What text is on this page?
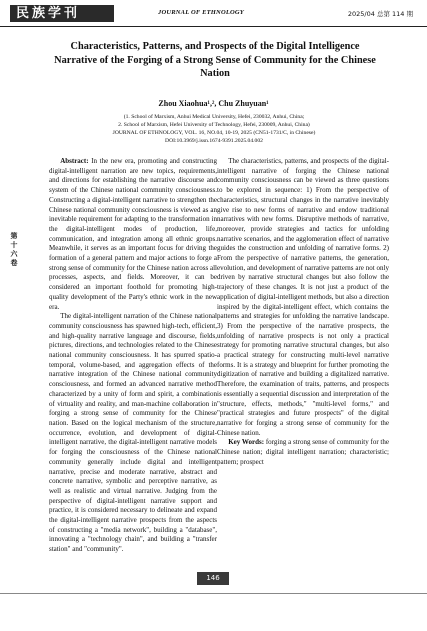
民族学刊	JOURNAL OF ETHNOLOGY	2025/04 总第 114 期
第十六卷
Characteristics, Patterns, and Prospects of the Digital Intelligence Narrative of the Forging of a Strong Sense of Community for the Chinese Nation
Zhou Xiaohua¹,², Chu Zhuyuan¹
(1. School of Marxism, Anhui Medical University, Hefei, 230032, Anhui, China;
2. School of Marxism, Hefei University of Technology, Hefei, 230009, Anhui, China)
JOURNAL OF ETHNOLOGY, VOL. 16, NO.04, 10-19, 2025 (CN51-1731/C, in Chinese)
DOI:10.3969/j.issn.1674-9391.2025.04.002

Abstract: In the new era, promoting and constructing digital-intelligent narration are new topics, requirements, and directions for establishing the narrative discourse and system of the Chinese national community consciousness. Constructing a digital-intelligent narrative to strengthen the Chinese national community consciousness is viewed as an inevitable requirement for adapting to the transformation in the digital-intelligent modes of production, life, communication, and integration among all ethnic groups. Meanwhile, it serves as an important focus for driving the formation of a general pattern and major actions to forge a strong sense of community for the Chinese nation across all processes, aspects, and fields. Moreover, it can be considered an important foothold for promoting high-quality development of the Party's ethnic work in the new era.

The digital-intelligent narration of the Chinese national community consciousness has spawned high-tech, efficient, and high-quality narrative language and discourse, fields, pictures, directions, and technologies related to the Chinese national community consciousness. It has spurred spatio-temporal, volume-based, and aggregation effects of the narrative integration of the Chinese national community consciousness, and formed an advanced narrative method characterized by a unity of form and spirit, a combination of virtuality and reality, and man-machine collaboration in forging a strong sense of community for the Chinese nation. Based on the logical mechanism of the structure, occurrence, evolution, and development of digital-intelligent narrative, the digital-intelligent narrative models for forging the consciousness of the Chinese national community generally include digital and intelligent narrative, precise and moderate narrative, abstract and concrete narrative, symbolic and perceptive narrative, as well as realistic and virtual narrative. Judging from the perspective of digital-intelligent narrative support and practice, it is considered necessary to delineate and expand the digital-intelligent narrative prospects from the aspects of constructing a "media network", building a "database", innovating a "technology chain", and building a "transfer station" and "community".

The characteristics, patterns, and prospects of the digital-intelligent narrative of forging the Chinese national community consciousness can be viewed as three questions to be explored in sequence: 1) From the perspective of characteristics, structural changes in the narrative inevitably give rise to new forms of narrative and endow traditional narratives with new forms. Disruptive methods of narrative, moreover, provide strategies and tactics for unfolding narrative scenarios, and the agglomeration effect of narrative guides the construction and unfolding of narrative forms. 2) From the perspective of narrative patterns, the generation, evolution, and development of narrative patterns are not only driven by narrative structural changes but also follow the trajectory of these changes. It is not just a product of the application of digital-intelligent methods, but also a direction inspired by the digital-intelligent effect, which contains the patterns and strategies for unfolding the narrative landscape. 3) From the perspective of the narrative prospects, the unfolding of narrative prospects is not only a practical strategy for promoting narrative structural changes, but also a practical strategy for constructing multi-level narrative forms. It is a strategy and blueprint for further promoting the digitization of narrative and building a digitalized narrative. Therefore, the examination of traits, patterns, and prospects is essentially a sequential discussion and interpretation of the "structure, effects, methods," "multi-level forms," and "practical strategies and future prospects" of the digital narrative for forging a strong sense of community for the Chinese nation.

Key Words: forging a strong sense of community for the Chinese nation; digital intelligent narration; characteristic; pattern; prospect

146
